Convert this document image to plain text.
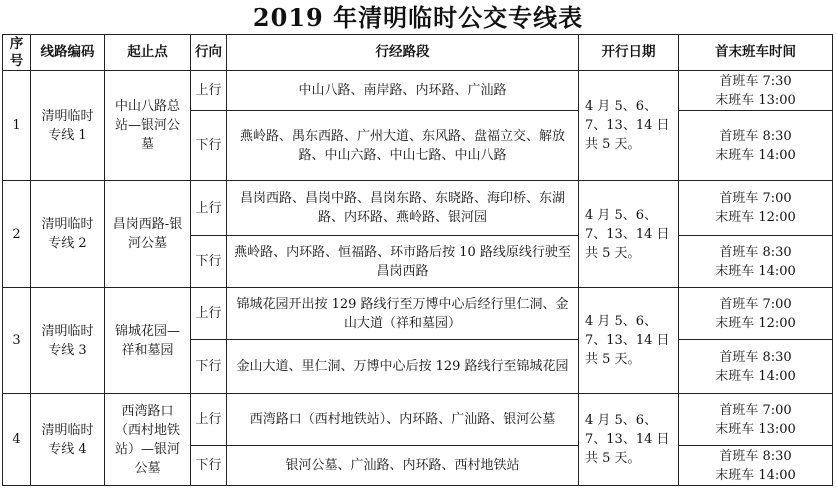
2019 年清明临时公交专线表
序号	线路编码	起止点	行向	行经路段	开行日期	首末班车时间
1	清明临时专线 1	中山八路总站—银河公墓	上行	中山八路、南岸路、内环路、广汕路	4 月 5、6、7、13、14 日共 5 天。	首班车 7:30
末班车 13:00

			下行	燕岭路、禺东西路、广州大道、东风路、盘福立交、解放路、中山六路、中山七路、中山八路		首班车 8:30
末班车 14:00

2	清明临时专线 2	昌岗西路-银河公墓	上行	昌岗西路、昌岗中路、昌岗东路、东晓路、海印桥、东湖路、内环路、燕岭路、银河园	4 月 5、6、7、13、14 日共 5 天。	首班车 7:00
末班车 12:00

			下行	燕岭路、内环路、恒福路、环市路后按 10 路线原线行驶至昌岗西路		首班车 8:30
末班车 14:00

3	清明临时专线 3	锦城花园—祥和墓园	上行	锦城花园开出按 129 路线行至万博中心后经行里仁洞、金山大道（祥和墓园）	4 月 5、6、7、13、14 日共 5 天。	首班车 7:00
末班车 12:00

			下行	金山大道、里仁洞、万博中心后按 129 路线行至锦城花园		首班车 8:30
末班车 14:00

4	清明临时专线 4	西湾路口（西村地铁站）—银河公墓	上行	西湾路口（西村地铁站）、内环路、广汕路、银河公墓	4 月 5、6、7、13、14 日共 5 天。	首班车 7:00
末班车 13:00

			下行	银河公墓、广汕路、内环路、西村地铁站		首班车 8:30
末班车 14:00
